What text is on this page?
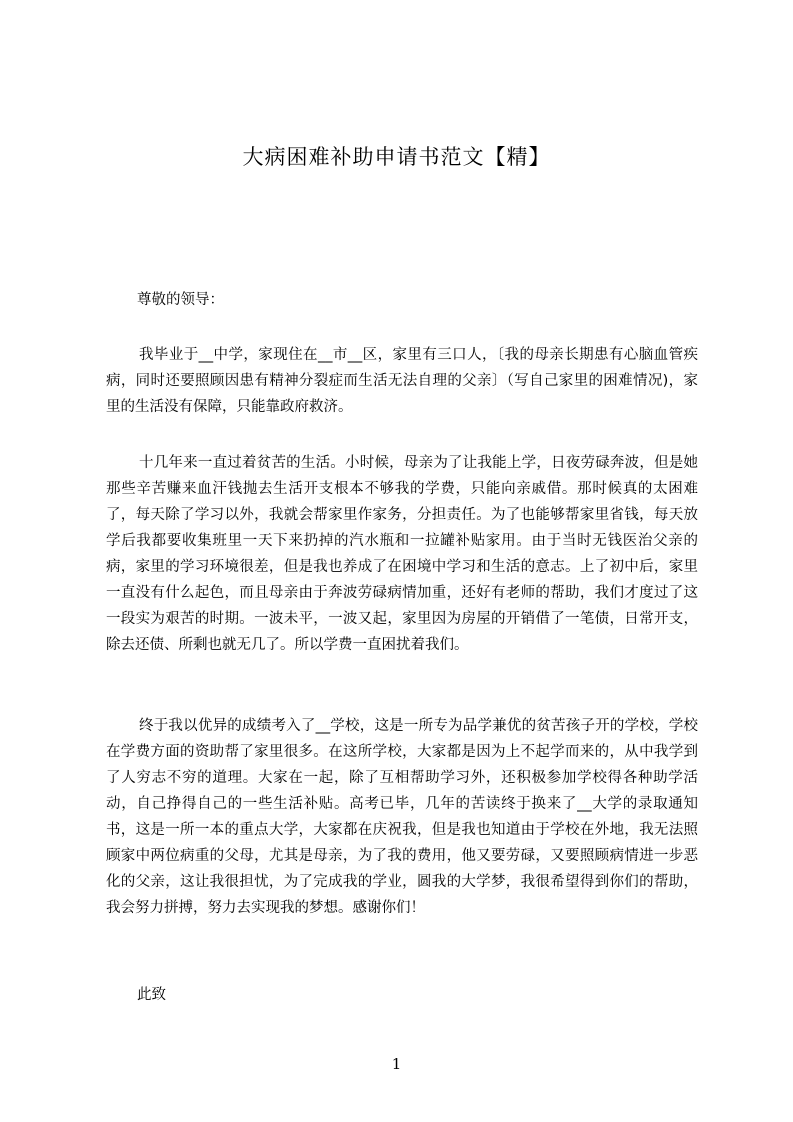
大病困难补助申请书范文【精】
尊敬的领导：
我毕业于__中学，家现住在__市__区，家里有三口人，〔我的母亲长期患有心脑血管疾病，同时还要照顾因患有精神分裂症而生活无法自理的父亲〕（写自己家里的困难情况)，家里的生活没有保障，只能靠政府救济。
十几年来一直过着贫苦的生活。小时候，母亲为了让我能上学，日夜劳碌奔波，但是她那些辛苦赚来血汗钱抛去生活开支根本不够我的学费，只能向亲戚借。那时候真的太困难了，每天除了学习以外，我就会帮家里作家务，分担责任。为了也能够帮家里省钱，每天放学后我都要收集班里一天下来扔掉的汽水瓶和一拉罐补贴家用。由于当时无钱医治父亲的病，家里的学习环境很差，但是我也养成了在困境中学习和生活的意志。上了初中后，家里一直没有什么起色，而且母亲由于奔波劳碌病情加重，还好有老师的帮助，我们才度过了这一段实为艰苦的时期。一波未平，一波又起，家里因为房屋的开销借了一笔债，日常开支，除去还债、所剩也就无几了。所以学费一直困扰着我们。
终于我以优异的成绩考入了__学校，这是一所专为品学兼优的贫苦孩子开的学校，学校在学费方面的资助帮了家里很多。在这所学校，大家都是因为上不起学而来的，从中我学到了人穷志不穷的道理。大家在一起，除了互相帮助学习外，还积极参加学校得各种助学活动，自己挣得自己的一些生活补贴。高考已毕，几年的苦读终于换来了__大学的录取通知书，这是一所一本的重点大学，大家都在庆祝我，但是我也知道由于学校在外地，我无法照顾家中两位病重的父母，尤其是母亲，为了我的费用，他又要劳碌，又要照顾病情进一步恶化的父亲，这让我很担忧，为了完成我的学业，圆我的大学梦，我很希望得到你们的帮助，我会努力拼搏，努力去实现我的梦想。感谢你们！
此致
1
